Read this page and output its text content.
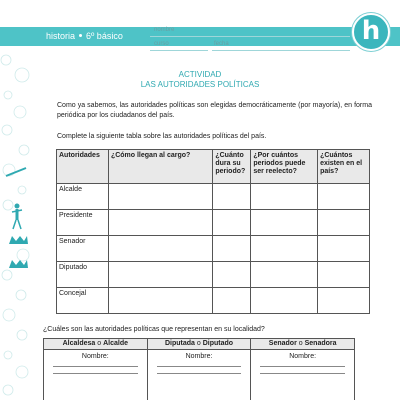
historia 6º básico
nombre
curso	fecha	h
ACTIVIDAD
LAS AUTORIDADES POLÍTICAS
Como ya sabemos, las autoridades políticas son elegidas democráticamente (por mayoría), en forma periódica por los ciudadanos del país.
Complete la siguiente tabla sobre las autoridades políticas del país.
Autoridades	¿Cómo llegan al cargo?	¿Cuánto dura su periodo?	¿Por cuántos periodos puede ser reelecto?	¿Cuántos existen en el país?
Alcalde				
Presidente				
Senador				
Diputado				
Concejal				
¿Cuáles son las autoridades políticas que representan en su localidad?
Alcaldesa o Alcalde	Diputada o Diputado	Senador o Senadora
Nombre:	Nombre:	Nombre:
